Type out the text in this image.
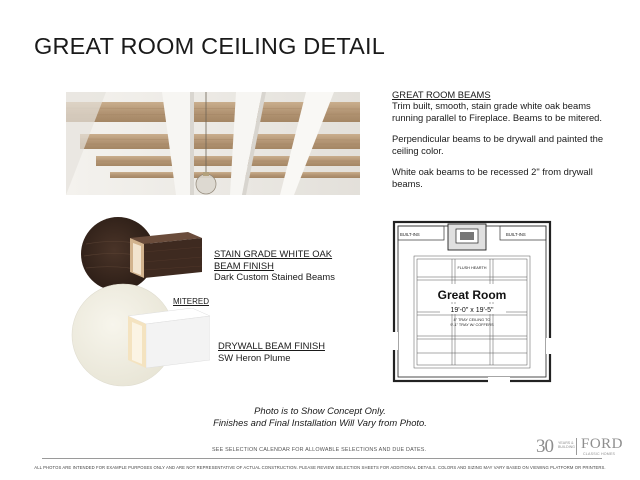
GREAT ROOM CEILING DETAIL
GREAT ROOM BEAMS

Trim built, smooth, stain grade white oak beams running parallel to Fireplace. Beams to be mitered.

Perpendicular beams to be drywall and painted the ceiling color.

White oak beams to be recessed 2" from drywall beams.

BUILT-INS	BUILT-INS
FLUSH HEARTH
Great Room
19'-0" x 19'-5"
8" TRAY CEILING TO
9'-1" TRAY W/ COFFERS
STAIN GRADE WHITE OAK
BEAM FINISH
Dark Custom Stained Beams
MITERED
DRYWALL BEAM FINISH
SW Heron Plume
Photo is to Show Concept Only.
Finishes and Final Installation Will Vary from Photo.
SEE SELECTION CALENDAR FOR ALLOWABLE SELECTIONS AND DUE DATES.	30 YEARS & BUILDING FORD
CLASSIC HOMES
ALL PHOTOS ARE INTENDED FOR EXAMPLE PURPOSES ONLY AND ARE NOT REPRESENTATIVE OF ACTUAL CONSTRUCTION. PLEASE REVIEW SELECTION SHEETS FOR ADDITIONAL DETAILS. COLORS AND SIZING MAY VARY BASED ON VIEWING PLATFORM OR PRINTERS.
